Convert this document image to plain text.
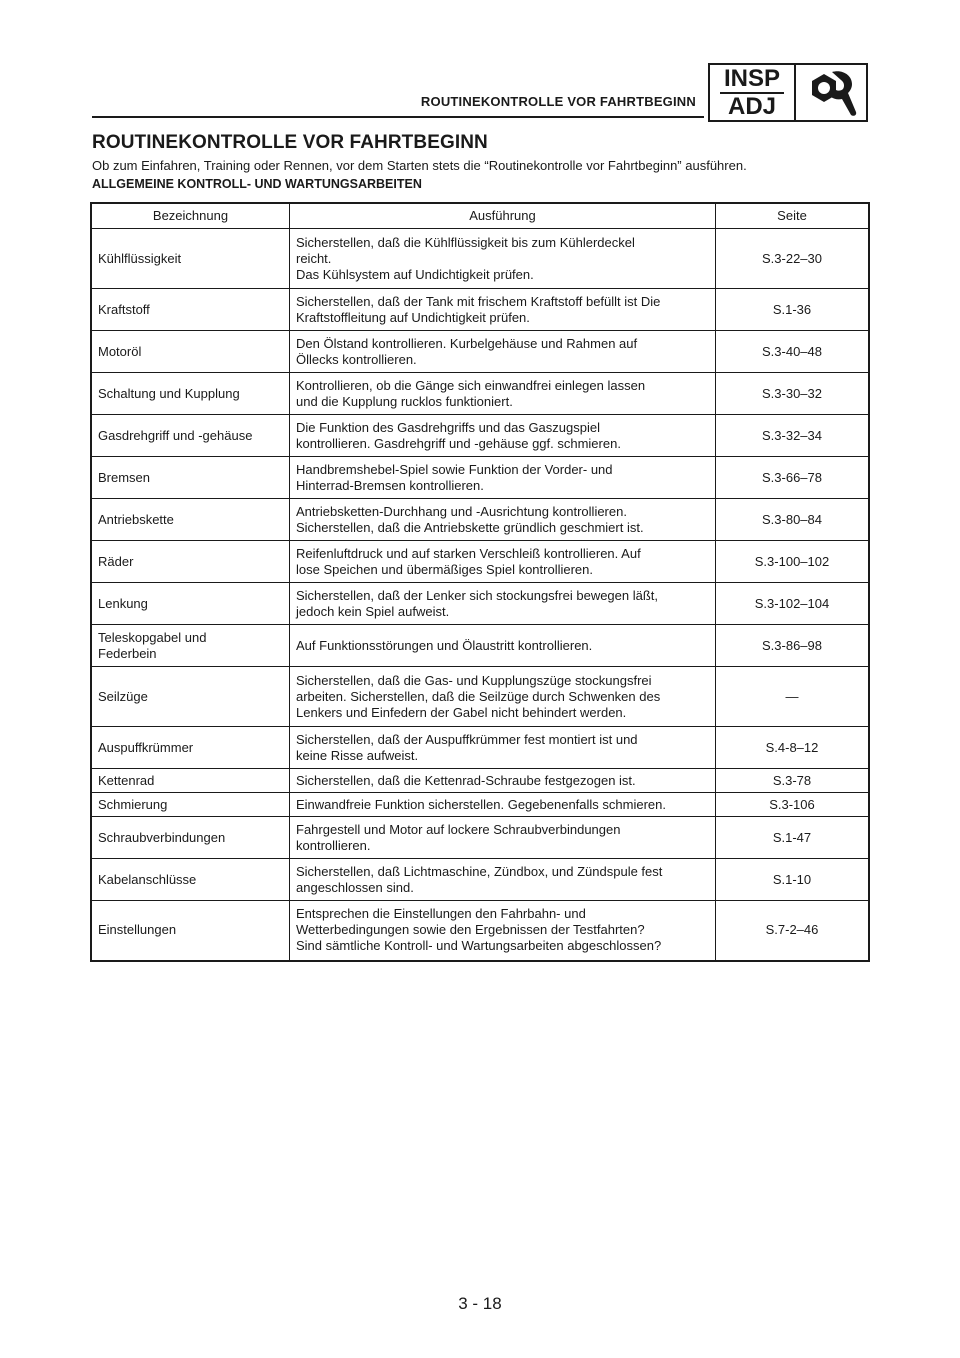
ROUTINEKONTROLLE VOR FAHRTBEGINN
INSP
ADJ
ROUTINEKONTROLLE VOR FAHRTBEGINN
Ob zum Einfahren, Training oder Rennen, vor dem Starten stets die “Routinekontrolle vor Fahrtbeginn” ausführen.
ALLGEMEINE KONTROLL- UND WARTUNGSARBEITEN
Bezeichnung	Ausführung	Seite
Kühlflüssigkeit	Sicherstellen, daß die Kühlflüssigkeit bis zum Kühlerdeckel
reicht.
Das Kühlsystem auf Undichtigkeit prüfen.	S.3-22–30
Kraftstoff	Sicherstellen, daß der Tank mit frischem Kraftstoff befüllt ist Die
Kraftstoffleitung auf Undichtigkeit prüfen.	S.1-36
Motoröl	Den Ölstand kontrollieren. Kurbelgehäuse und Rahmen auf
Öllecks kontrollieren.	S.3-40–48
Schaltung und Kupplung	Kontrollieren, ob die Gänge sich einwandfrei einlegen lassen
und die Kupplung rucklos funktioniert.	S.3-30–32
Gasdrehgriff und -gehäuse	Die Funktion des Gasdrehgriffs und das Gaszugspiel
kontrollieren. Gasdrehgriff und -gehäuse ggf. schmieren.	S.3-32–34
Bremsen	Handbremshebel-Spiel sowie Funktion der Vorder- und
Hinterrad-Bremsen kontrollieren.	S.3-66–78
Antriebskette	Antriebsketten-Durchhang und -Ausrichtung kontrollieren.
Sicherstellen, daß die Antriebskette gründlich geschmiert ist.	S.3-80–84
Räder	Reifenluftdruck und auf starken Verschleiß kontrollieren. Auf
lose Speichen und übermäßiges Spiel kontrollieren.	S.3-100–102
Lenkung	Sicherstellen, daß der Lenker sich stockungsfrei bewegen läßt,
jedoch kein Spiel aufweist.	S.3-102–104
Teleskopgabel und
Federbein	Auf Funktionsstörungen und Ölaustritt kontrollieren.	S.3-86–98
Seilzüge	Sicherstellen, daß die Gas- und Kupplungszüge stockungsfrei
arbeiten. Sicherstellen, daß die Seilzüge durch Schwenken des
Lenkers und Einfedern der Gabel nicht behindert werden.	—
Auspuffkrümmer	Sicherstellen, daß der Auspuffkrümmer fest montiert ist und
keine Risse aufweist.	S.4-8–12
Kettenrad	Sicherstellen, daß die Kettenrad-Schraube festgezogen ist.	S.3-78
Schmierung	Einwandfreie Funktion sicherstellen. Gegebenenfalls schmieren.	S.3-106
Schraubverbindungen	Fahrgestell und Motor auf lockere Schraubverbindungen
kontrollieren.	S.1-47
Kabelanschlüsse	Sicherstellen, daß Lichtmaschine, Zündbox, und Zündspule fest
angeschlossen sind.	S.1-10
Einstellungen	Entsprechen die Einstellungen den Fahrbahn- und
Wetterbedingungen sowie den Ergebnissen der Testfahrten?
Sind sämtliche Kontroll- und Wartungsarbeiten abgeschlossen?	S.7-2–46
3 - 18
